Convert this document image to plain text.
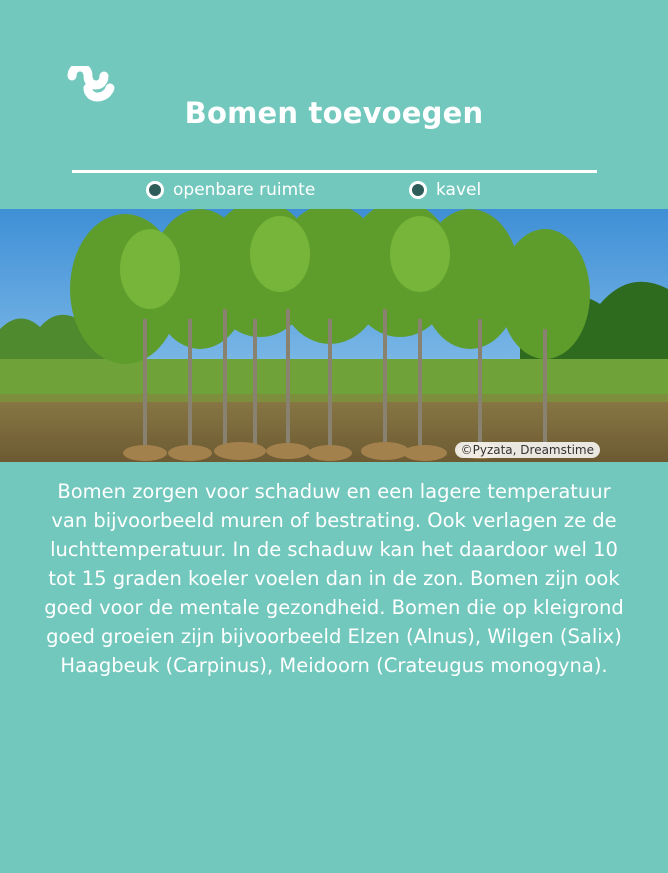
Bomen toevoegen
openbare ruimte	kavel
©Pyzata, Dreamstime
Bomen zorgen voor schaduw en een lagere temperatuur van bijvoorbeeld muren of bestrating. Ook verlagen ze de luchttemperatuur. In de schaduw kan het daardoor wel 10 tot 15 graden koeler voelen dan in de zon. Bomen zijn ook goed voor de mentale gezondheid. Bomen die op kleigrond goed groeien zijn bijvoorbeeld Elzen (Alnus), Wilgen (Salix) Haagbeuk (Carpinus), Meidoorn (Crateugus monogyna).
